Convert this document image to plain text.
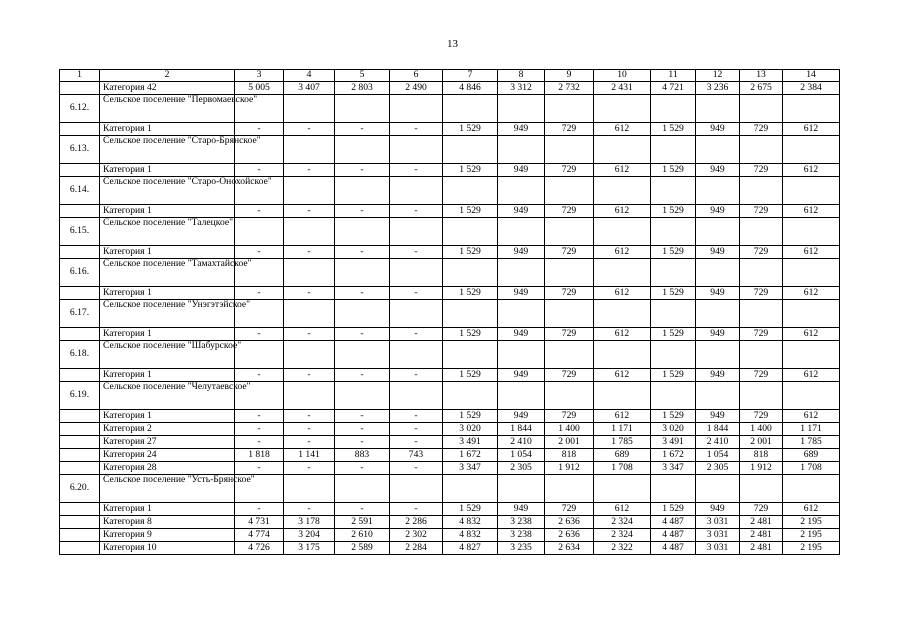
13
1	2	3	4	5	6	7	8	9	10	11	12	13	14
	Категория 42	5 005	3 407	2 803	2 490	4 846	3 312	2 732	2 431	4 721	3 236	2 675	2 384
6.12.	Сельское поселение "Первомаевское"												
	Категория 1	-	-	-	-	1 529	949	729	612	1 529	949	729	612
6.13.	Сельское поселение "Старо-Брянское"												
	Категория 1	-	-	-	-	1 529	949	729	612	1 529	949	729	612
6.14.	Сельское поселение "Старо-Онохойское"												
	Категория 1	-	-	-	-	1 529	949	729	612	1 529	949	729	612
6.15.	Сельское поселение "Талецкое"												
	Категория 1	-	-	-	-	1 529	949	729	612	1 529	949	729	612
6.16.	Сельское поселение "Тамахтайское"												
	Категория 1	-	-	-	-	1 529	949	729	612	1 529	949	729	612
6.17.	Сельское поселение "Унэгэтэйское"												
	Категория 1	-	-	-	-	1 529	949	729	612	1 529	949	729	612
6.18.	Сельское поселение "Шабурское"												
	Категория 1	-	-	-	-	1 529	949	729	612	1 529	949	729	612
6.19.	Сельское поселение "Челутаевское"												
	Категория 1	-	-	-	-	1 529	949	729	612	1 529	949	729	612
	Категория 2	-	-	-	-	3 020	1 844	1 400	1 171	3 020	1 844	1 400	1 171
	Категория 27	-	-	-	-	3 491	2 410	2 001	1 785	3 491	2 410	2 001	1 785
	Категория 24	1 818	1 141	883	743	1 672	1 054	818	689	1 672	1 054	818	689
	Категория 28	-	-	-	-	3 347	2 305	1 912	1 708	3 347	2 305	1 912	1 708
6.20.	Сельское поселение "Усть-Брянское"												
	Категория 1	-	-	-	-	1 529	949	729	612	1 529	949	729	612
	Категория 8	4 731	3 178	2 591	2 286	4 832	3 238	2 636	2 324	4 487	3 031	2 481	2 195
	Категория 9	4 774	3 204	2 610	2 302	4 832	3 238	2 636	2 324	4 487	3 031	2 481	2 195
	Категория 10	4 726	3 175	2 589	2 284	4 827	3 235	2 634	2 322	4 487	3 031	2 481	2 195
